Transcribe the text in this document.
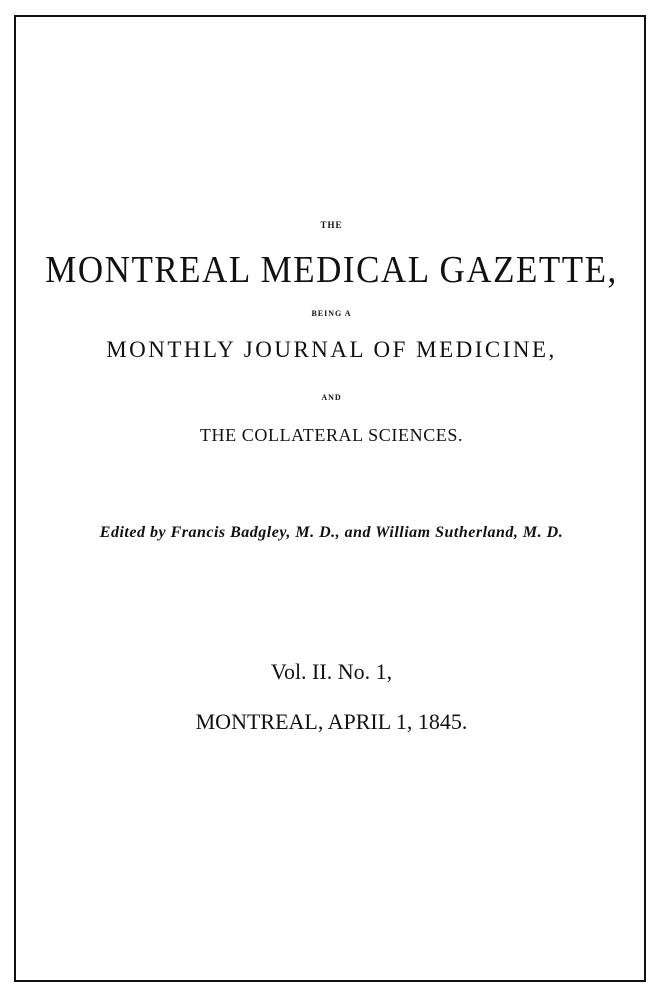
THE
MONTREAL MEDICAL GAZETTE,
BEING A
MONTHLY JOURNAL OF MEDICINE,
AND
THE COLLATERAL SCIENCES.
Edited by Francis Badgley, M. D., and William Sutherland, M. D.
Vol. II. No. 1,
MONTREAL, APRIL 1, 1845.
